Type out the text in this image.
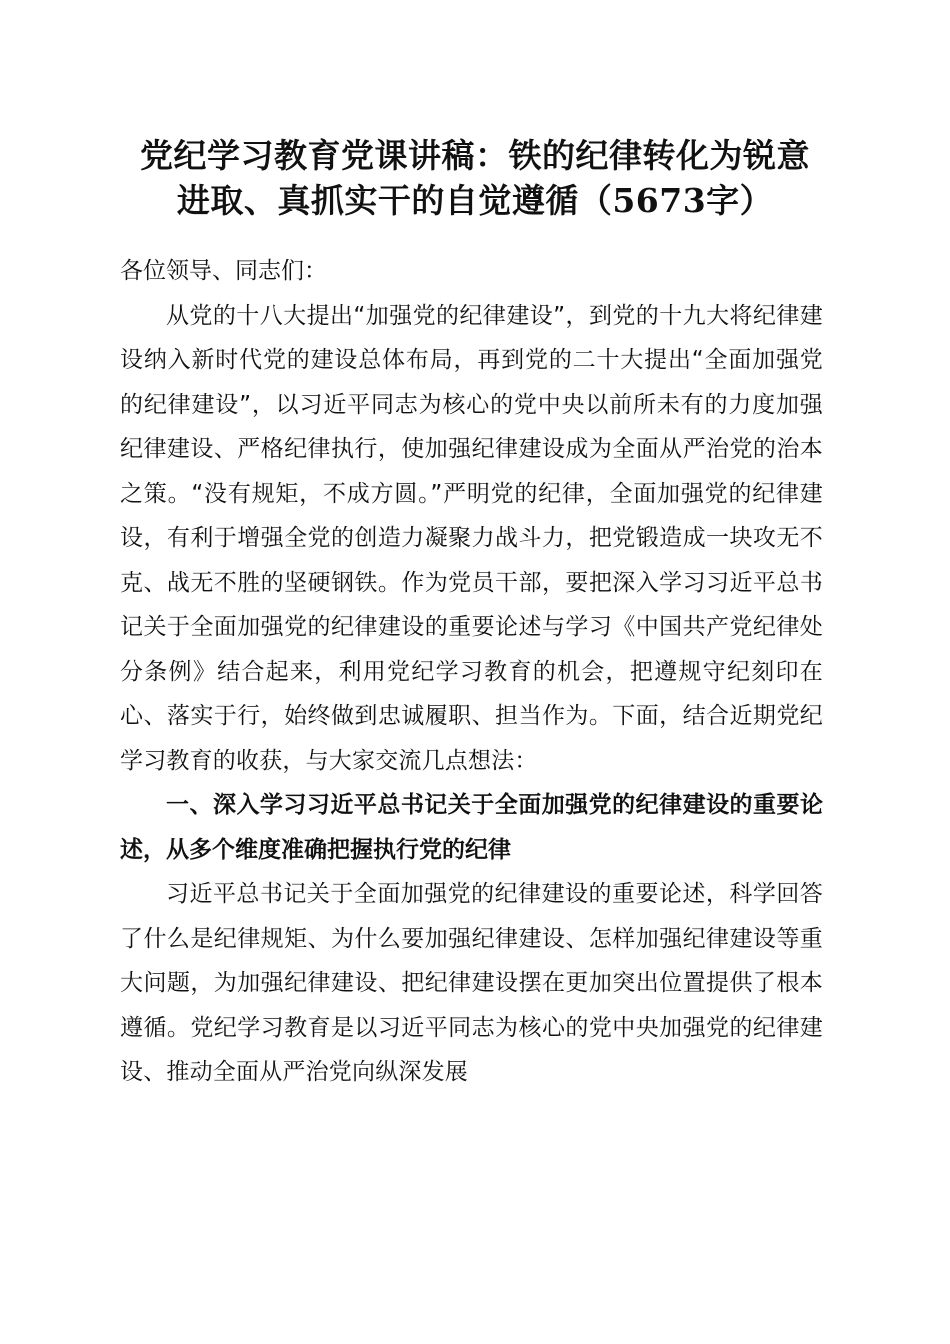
党纪学习教育党课讲稿：铁的纪律转化为锐意
进取、真抓实干的自觉遵循（5673字）

各位领导、同志们：

从党的十八大提出“加强党的纪律建设”，到党的十九大将纪律建设纳入新时代党的建设总体布局，再到党的二十大提出“全面加强党的纪律建设”，以习近平同志为核心的党中央以前所未有的力度加强纪律建设、严格纪律执行，使加强纪律建设成为全面从严治党的治本之策。“没有规矩，不成方圆。”严明党的纪律，全面加强党的纪律建设，有利于增强全党的创造力凝聚力战斗力，把党锻造成一块攻无不克、战无不胜的坚硬钢铁。作为党员干部，要把深入学习习近平总书记关于全面加强党的纪律建设的重要论述与学习《中国共产党纪律处分条例》结合起来，利用党纪学习教育的机会，把遵规守纪刻印在心、落实于行，始终做到忠诚履职、担当作为。下面，结合近期党纪学习教育的收获，与大家交流几点想法：

一、深入学习习近平总书记关于全面加强党的纪律建设的重要论述，从多个维度准确把握执行党的纪律

习近平总书记关于全面加强党的纪律建设的重要论述，科学回答了什么是纪律规矩、为什么要加强纪律建设、怎样加强纪律建设等重大问题，为加强纪律建设、把纪律建设摆在更加突出位置提供了根本遵循。党纪学习教育是以习近平同志为核心的党中央加强党的纪律建设、推动全面从严治党向纵深发展
